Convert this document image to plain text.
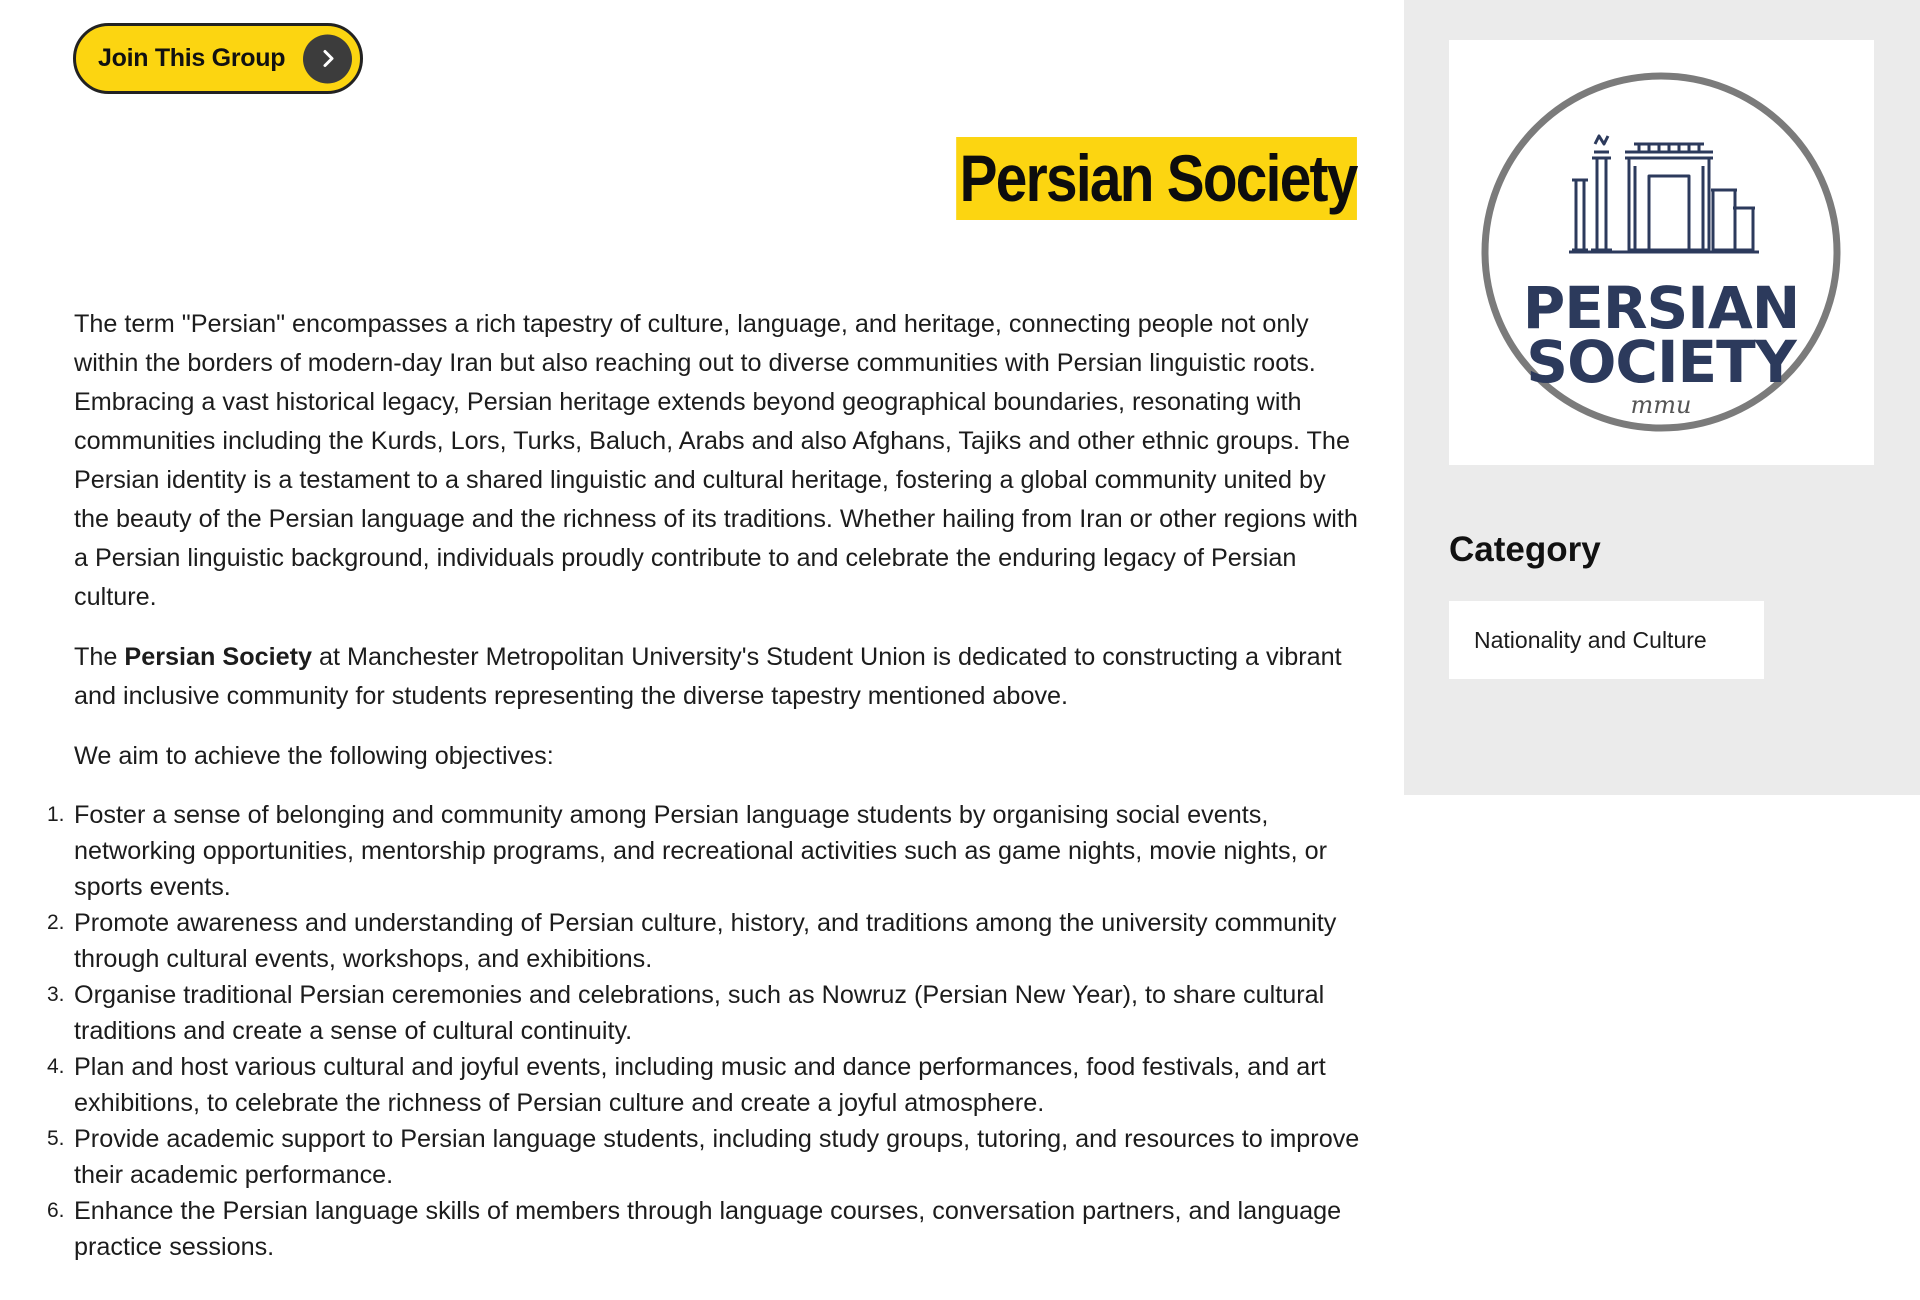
Join This Group
Persian Society

The term "Persian" encompasses a rich tapestry of culture, language, and heritage, connecting people not only within the borders of modern-day Iran but also reaching out to diverse communities with Persian linguistic roots. Embracing a vast historical legacy, Persian heritage extends beyond geographical boundaries, resonating with communities including the Kurds, Lors, Turks, Baluch, Arabs and also Afghans, Tajiks and other ethnic groups. The Persian identity is a testament to a shared linguistic and cultural heritage, fostering a global community united by the beauty of the Persian language and the richness of its traditions. Whether hailing from Iran or other regions with a Persian linguistic background, individuals proudly contribute to and celebrate the enduring legacy of Persian culture.

The Persian Society at Manchester Metropolitan University's Student Union is dedicated to constructing a vibrant and inclusive community for students representing the diverse tapestry mentioned above.

We aim to achieve the following objectives:

1. Foster a sense of belonging and community among Persian language students by organising social events, networking opportunities, mentorship programs, and recreational activities such as game nights, movie nights, or sports events.
2. Promote awareness and understanding of Persian culture, history, and traditions among the university community through cultural events, workshops, and exhibitions.
3. Organise traditional Persian ceremonies and celebrations, such as Nowruz (Persian New Year), to share cultural traditions and create a sense of cultural continuity.
4. Plan and host various cultural and joyful events, including music and dance performances, food festivals, and art exhibitions, to celebrate the richness of Persian culture and create a joyful atmosphere.
5. Provide academic support to Persian language students, including study groups, tutoring, and resources to improve their academic performance.
6. Enhance the Persian language skills of members through language courses, conversation partners, and language practice sessions.
PERSIAN
SOCIETY
mmu
Category
Nationality and Culture
